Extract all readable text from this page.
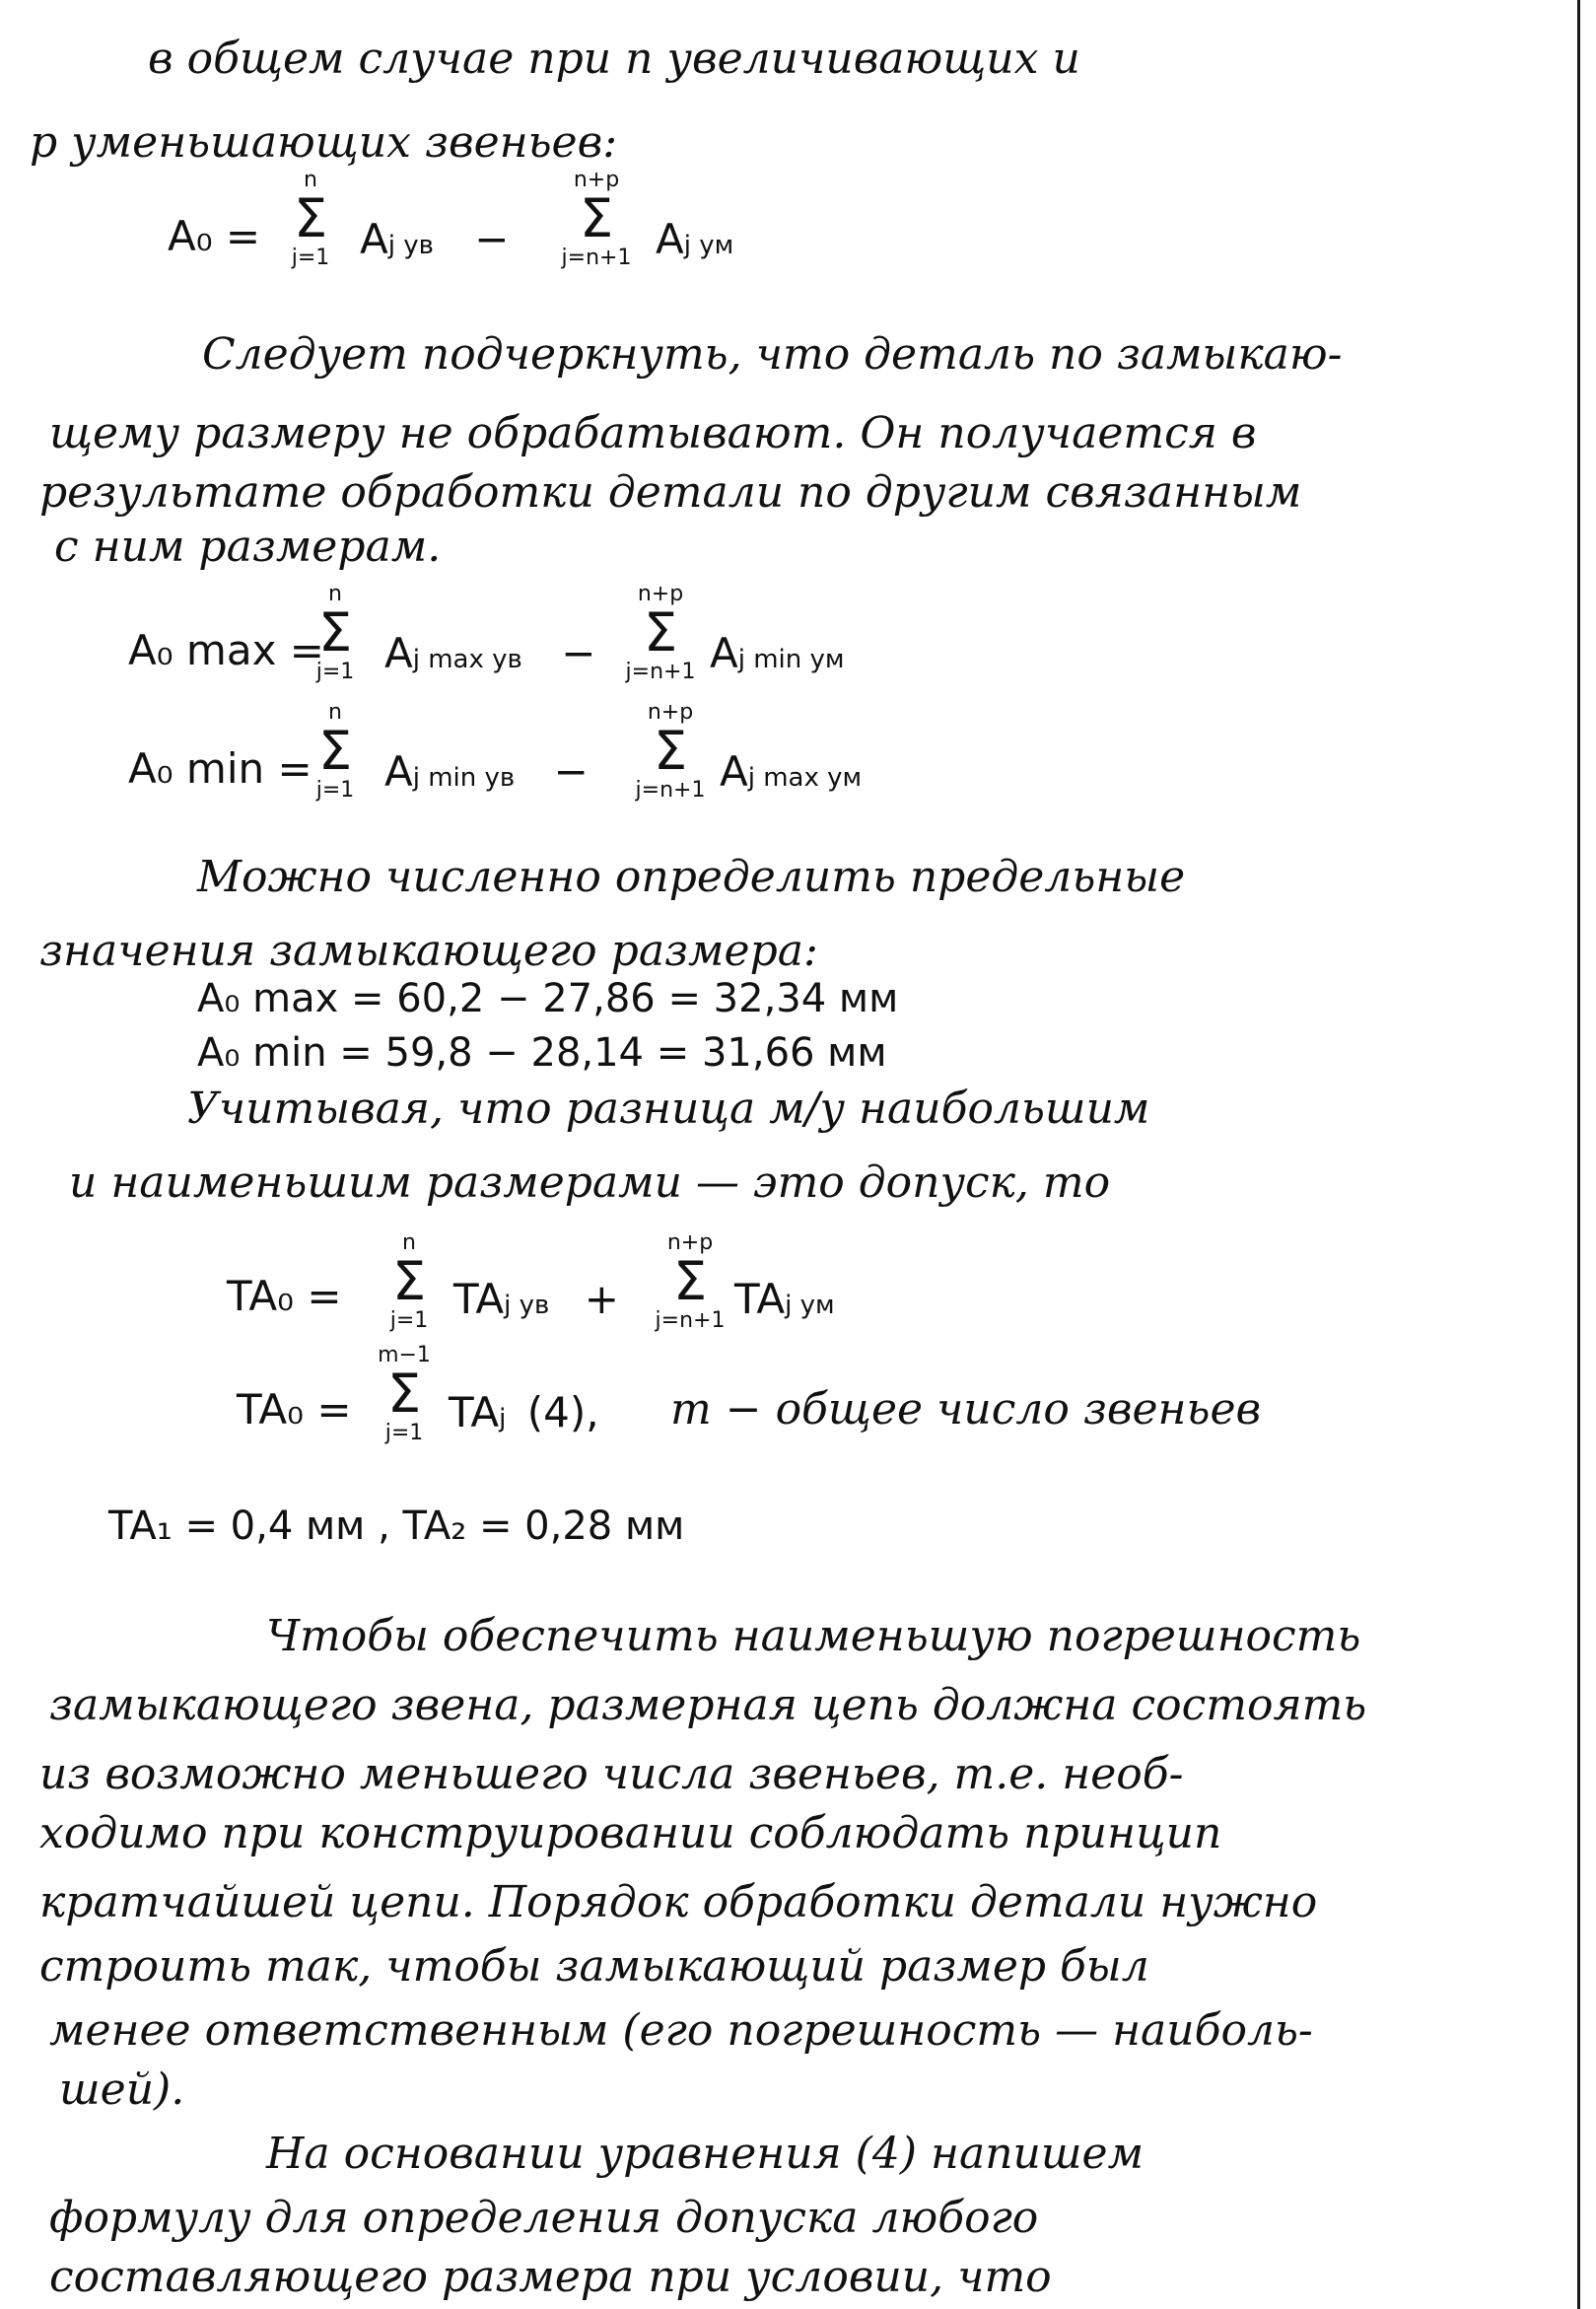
в общем случае при n увеличивающих и
p уменьшающих звеньев:
Следует подчеркнуть, что деталь по замыкаю-
щему размеру не обрабатывают. Он получается в
результате обработки детали по другим связанным
с ним размерам.
Можно численно определить предельные
значения замыкающего размера:
Учитывая, что разница м/у наибольшим
и наименьшим размерами — это допуск, то
Чтобы обеспечить наименьшую погрешность
замыкающего звена, размерная цепь должна состоять
из возможно меньшего числа звеньев, т.е. необ-
ходимо при конструировании соблюдать принцип
кратчайшей цепи. Порядок обработки детали нужно
строить так, чтобы замыкающий размер был
менее ответственным (его погрешность — наиболь-
шей).
На основании уравнения (4) напишем
формулу для определения допуска любого
составляющего размера при условии, что
A₀ =
n
Σ
j=1 Aj ув −
n+p
Σ
j=n+1 Aj ум
A₀ max =
n
Σ
j=1 Aj max ув −
n+p
Σ
j=n+1 Aj min ум
A₀ min =
n
Σ
j=1 Aj min ув −
n+p
Σ
j=n+1 Aj max ум
A₀ max = 60,2 − 27,86 = 32,34 мм
A₀ min = 59,8 − 28,14 = 31,66 мм
TA₀ =
n
Σ
j=1 TAj ув +
n+p
Σ
j=n+1 TAj ум
TA₀ =
m−1
Σ
j=1 TAj (4), m − общее число звеньев
TA₁ = 0,4 мм , TA₂ = 0,28 мм
